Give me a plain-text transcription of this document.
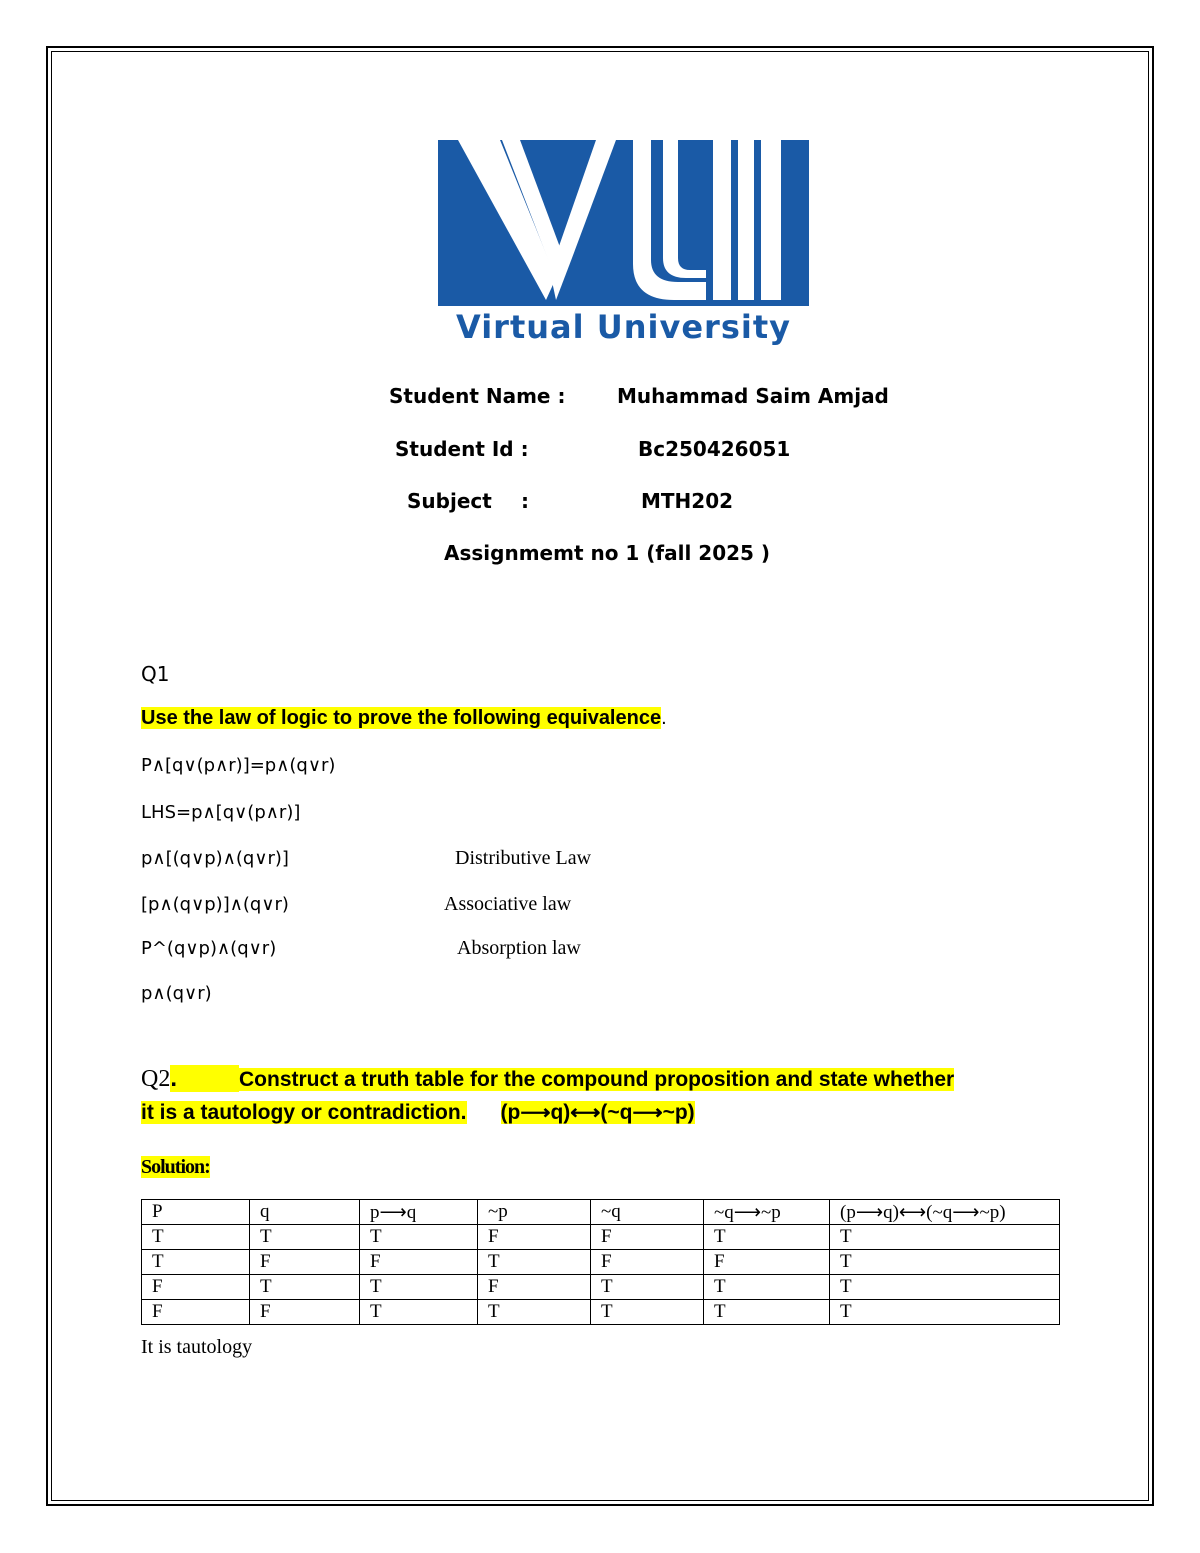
Virtual University
Student Name :	Muhammad Saim Amjad
Student Id :	Bc250426051
Subject :	MTH202
Assignmemt no 1 (fall 2025 )
Q1
Use the law of logic to prove the following equivalence.
P∧[q∨(p∧r)]=p∧(q∨r)
LHS=p∧[q∨(p∧r)]
p∧[(q∨p)∧(q∨r)]	Distributive Law
[p∧(q∨p)]∧(q∨r)	Associative law
P^(q∨p)∧(q∨r)	Absorption law
p∧(q∨r)
Q2.	Construct a truth table for the compound proposition and state whether
it is a tautology or contradiction. (p⟶q)⟷(~q⟶~p)
Solution:
P	q	p⟶q	~p	~q	~q⟶~p	(p⟶q)⟷(~q⟶~p)
T	T	T	F	F	T	T
T	F	F	T	F	F	T
F	T	T	F	T	T	T
F	F	T	T	T	T	T
It is tautology
